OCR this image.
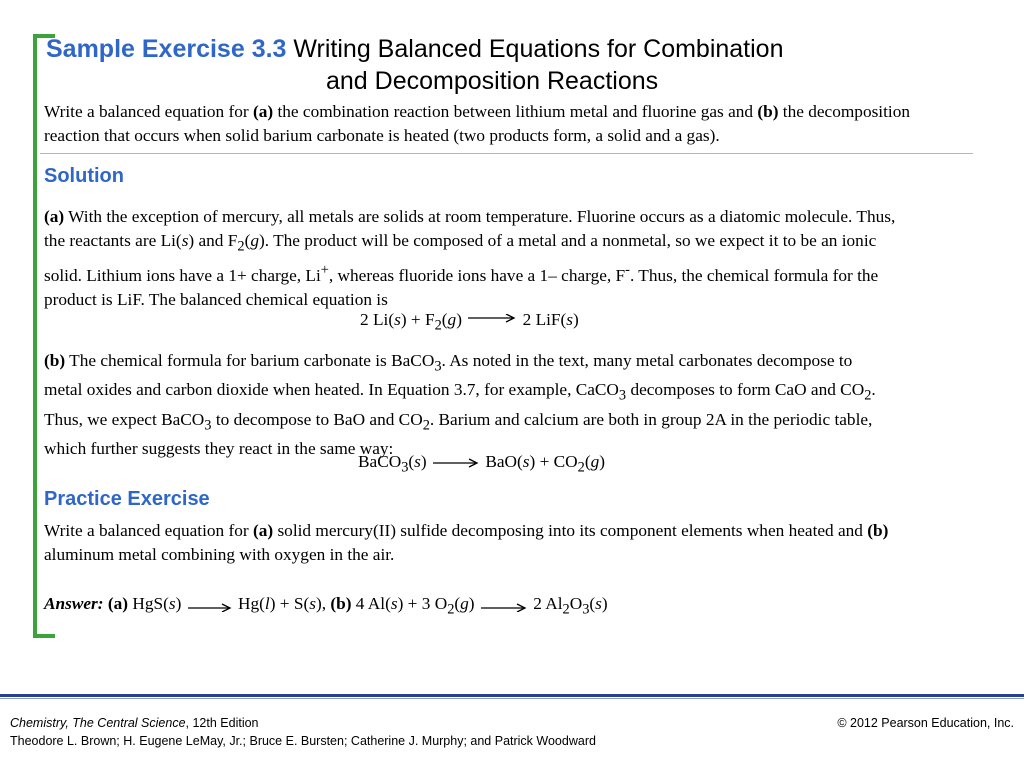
Sample Exercise 3.3 Writing Balanced Equations for Combination
and Decomposition Reactions
Write a balanced equation for (a) the combination reaction between lithium metal and fluorine gas and (b) the decomposition reaction that occurs when solid barium carbonate is heated (two products form, a solid and a gas).
Solution
(a) With the exception of mercury, all metals are solids at room temperature. Fluorine occurs as a diatomic molecule. Thus, the reactants are Li(s) and $F_2(g)$. The product will be composed of a metal and a nonmetal, so we expect it to be an ionic solid. Lithium ions have a 1+ charge, Li+, whereas fluoride ions have a 1– charge, F-. Thus, the chemical formula for the product is LiF. The balanced chemical equation is
2 $Li(s) + F_2(g) \to 2$ LiF(s)
(b) The chemical formula for barium carbonate is BaCO$_3$. As noted in the text, many metal carbonates decompose to metal oxides and carbon dioxide when heated. In Equation 3.7, for example, CaCO$_3$ decomposes to form CaO and $CO_2$. Thus, we expect BaCO$_3$ to decompose to BaO and $CO_2$. Barium and calcium are both in group 2A in the periodic table, which further suggests they react in the same way:
BaCO$_3$(s) → $BaO(s) + CO_2(g)$
Practice Exercise
Write a balanced equation for (a) solid mercury(II) sulfide decomposing into its component elements when heated and (b) aluminum metal combining with oxygen in the air.
Answer: (a) HgS(s) → Hg(l) + S(s), (b) 4 Al(s) + 3 $O_2(g) \to 2$ $Al_2O_3(s)$
Chemistry, The Central Science, 12th Edition
Theodore L. Brown; H. Eugene LeMay, Jr.; Bruce E. Bursten; Catherine J. Murphy; and Patrick Woodward
© 2012 Pearson Education, Inc.
